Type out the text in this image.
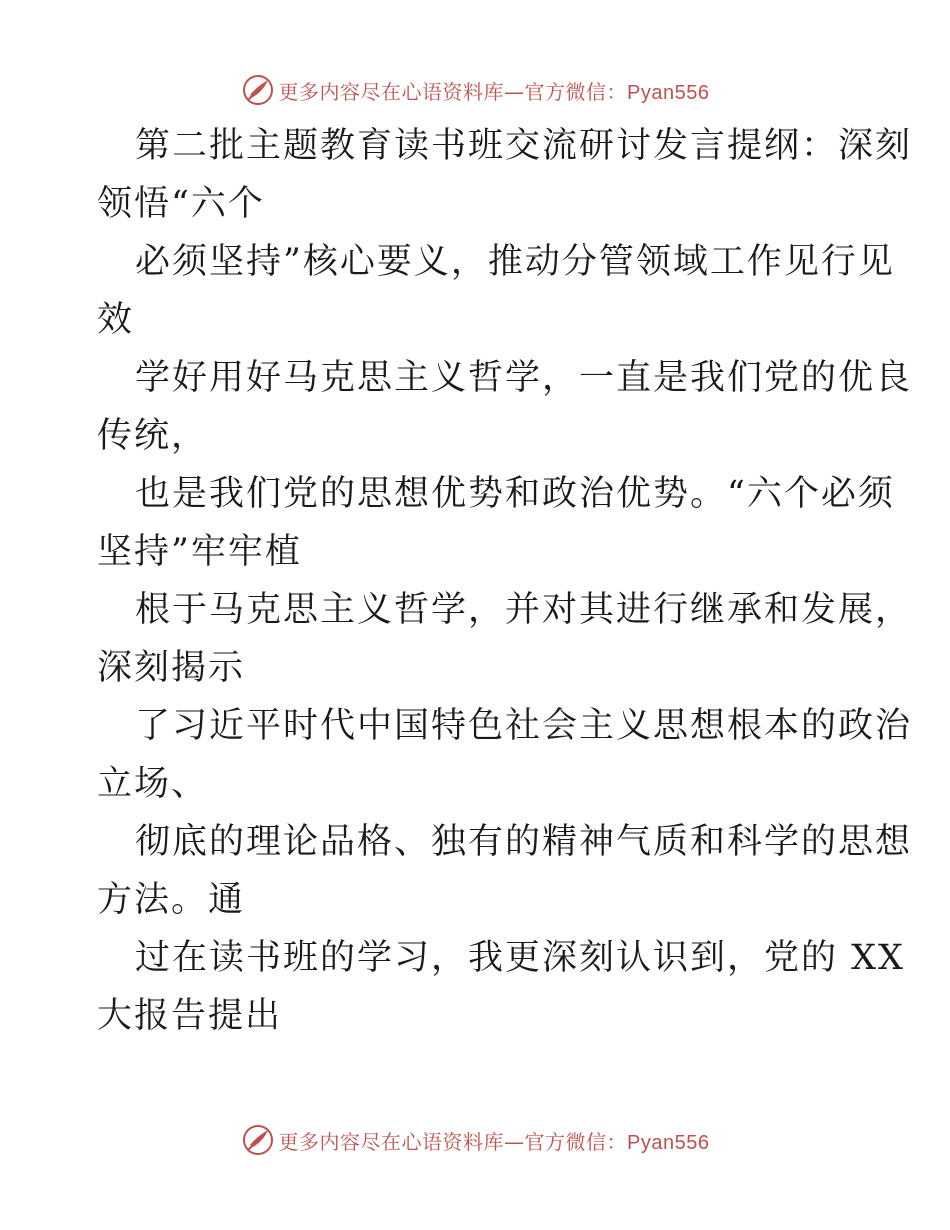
更多内容尽在心语资料库—官方微信：Pyan556
第二批主题教育读书班交流研讨发言提纲：深刻
领悟“六个
必须坚持”核心要义，推动分管领域工作见行见
效
学好用好马克思主义哲学，一直是我们党的优良
传统，
也是我们党的思想优势和政治优势。“六个必须
坚持”牢牢植
根于马克思主义哲学，并对其进行继承和发展，
深刻揭示
了习近平时代中国特色社会主义思想根本的政治
立场、
彻底的理论品格、独有的精神气质和科学的思想
方法。通
过在读书班的学习，我更深刻认识到，党的 XX
大报告提出
更多内容尽在心语资料库—官方微信：Pyan556
